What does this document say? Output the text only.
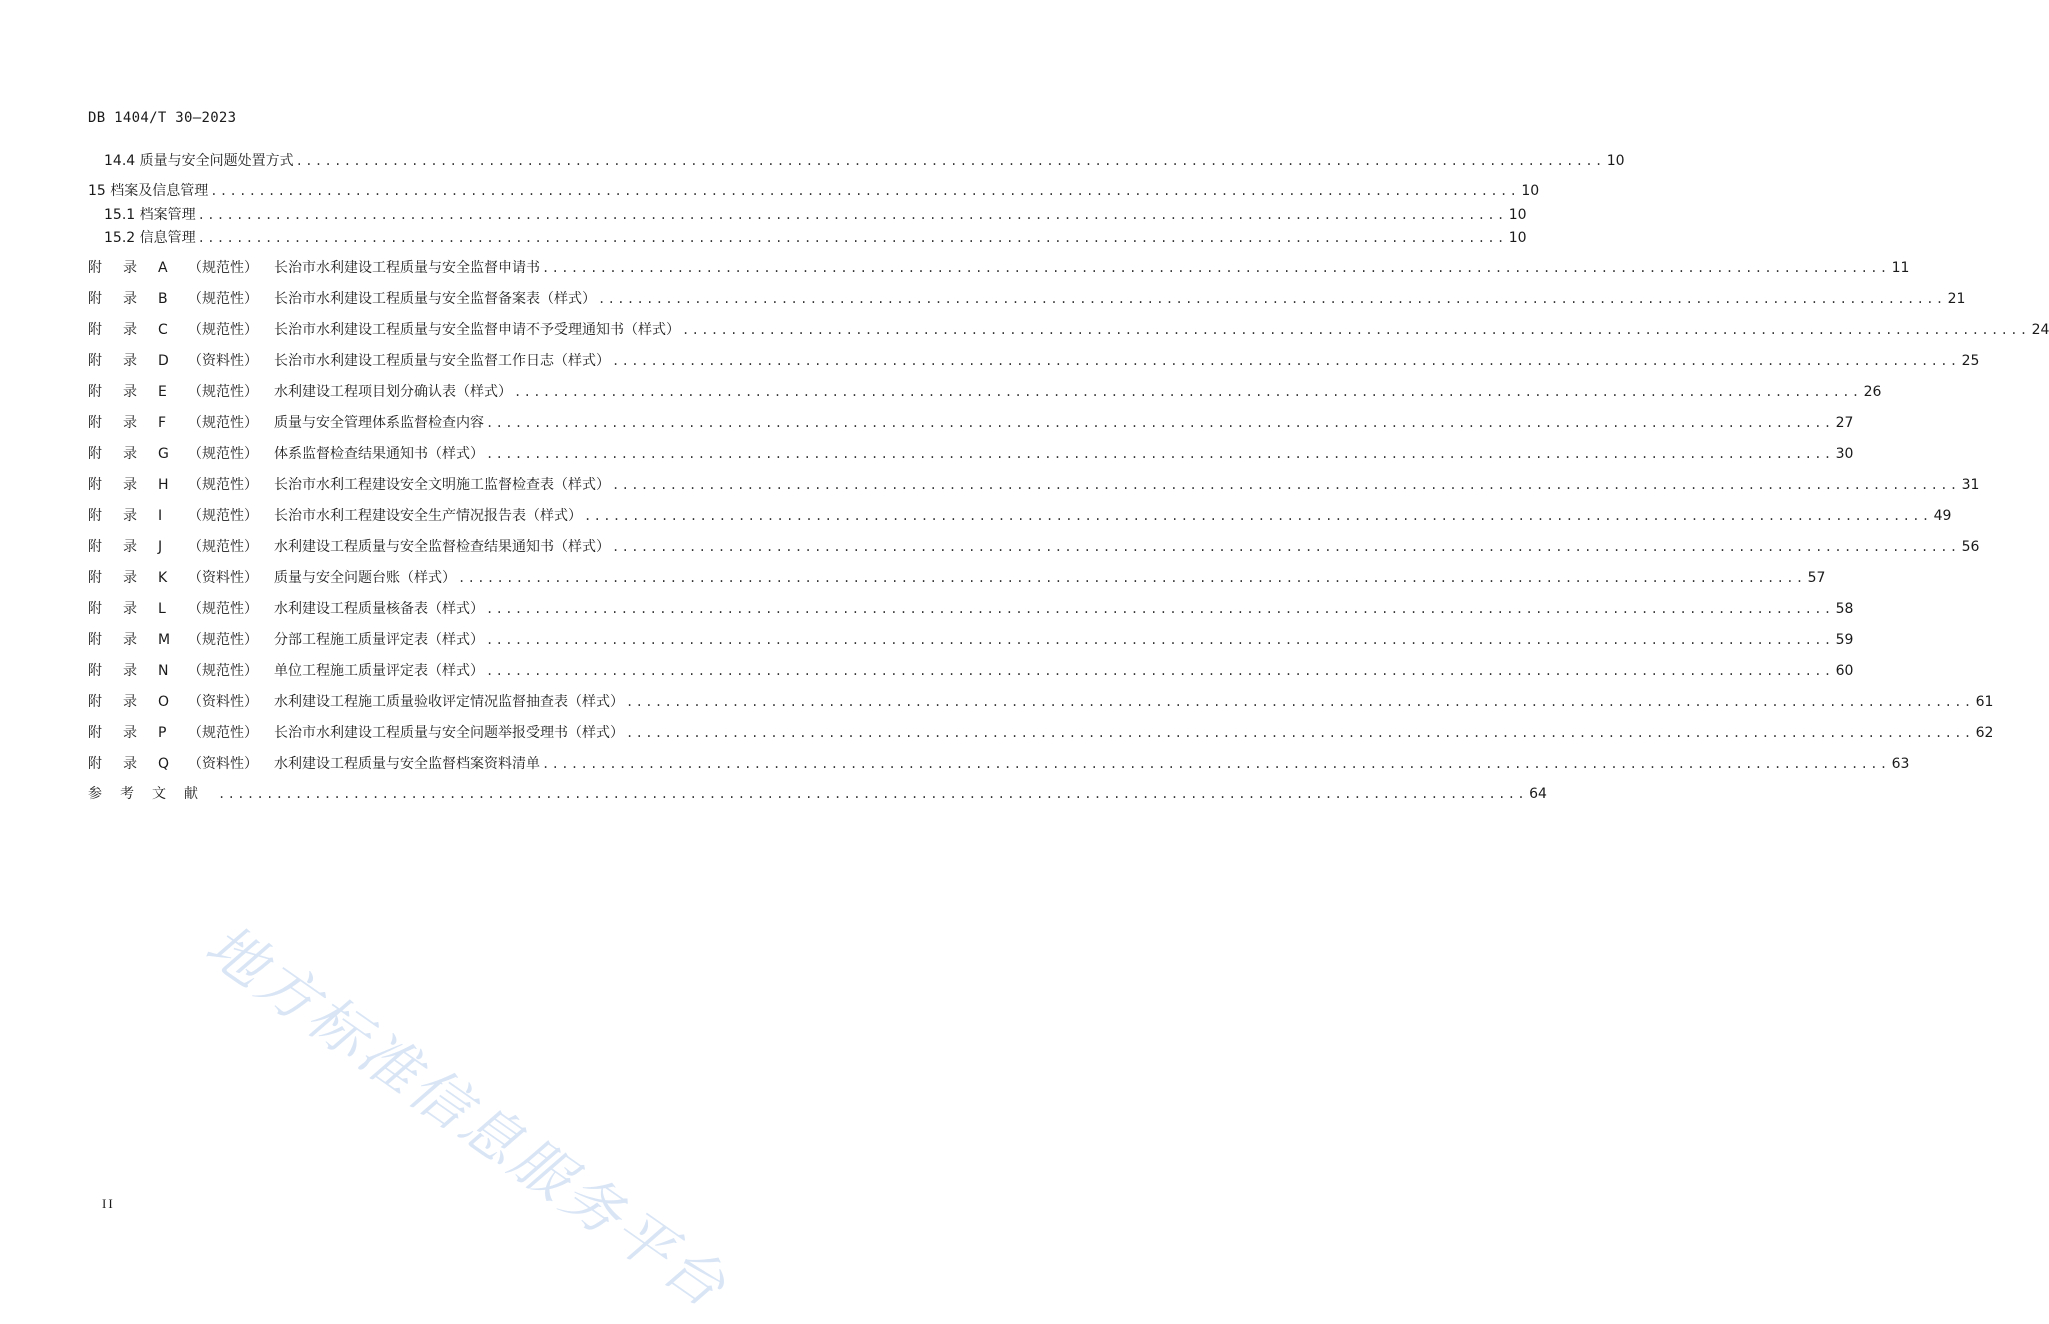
DB 1404/T 30—2023
14.4 质量与安全问题处置方式 ........................................................................................................................................ 10
15 档案及信息管理 ........................................................................................................................................ 10
15.1 档案管理 ........................................................................................................................................ 10
15.2 信息管理 ........................................................................................................................................ 10
附 录 A （规范性） 长治市水利建设工程质量与安全监督申请书 ............................................................................................................................................ 11
附 录 B （规范性） 长治市水利建设工程质量与安全监督备案表（样式） ............................................................................................................................................ 21
附 录 C （规范性） 长治市水利建设工程质量与安全监督申请不予受理通知书（样式） ............................................................................................................................................ 24
附 录 D （资料性） 长治市水利建设工程质量与安全监督工作日志（样式） ............................................................................................................................................ 25
附 录 E （规范性） 水利建设工程项目划分确认表（样式） ............................................................................................................................................ 26
附 录 F （规范性） 质量与安全管理体系监督检查内容 ............................................................................................................................................ 27
附 录 G （规范性） 体系监督检查结果通知书（样式） ............................................................................................................................................ 30
附 录 H （规范性） 长治市水利工程建设安全文明施工监督检查表（样式） ............................................................................................................................................ 31
附 录 I （规范性） 长治市水利工程建设安全生产情况报告表（样式） ............................................................................................................................................ 49
附 录 J （规范性） 水利建设工程质量与安全监督检查结果通知书（样式） ............................................................................................................................................ 56
附 录 K （资料性） 质量与安全问题台账（样式） ............................................................................................................................................ 57
附 录 L （规范性） 水利建设工程质量核备表（样式） ............................................................................................................................................ 58
附 录 M （规范性） 分部工程施工质量评定表（样式） ............................................................................................................................................ 59
附 录 N （规范性） 单位工程施工质量评定表（样式） ............................................................................................................................................ 60
附 录 O （资料性） 水利建设工程施工质量验收评定情况监督抽查表（样式） ............................................................................................................................................ 61
附 录 P （规范性） 长治市水利建设工程质量与安全问题举报受理书（样式） ............................................................................................................................................ 62
附 录 Q （资料性） 水利建设工程质量与安全监督档案资料清单 ............................................................................................................................................ 63
参 考 文 献	........................................................................................................................................ 64
II 地方标准信息服务平台
